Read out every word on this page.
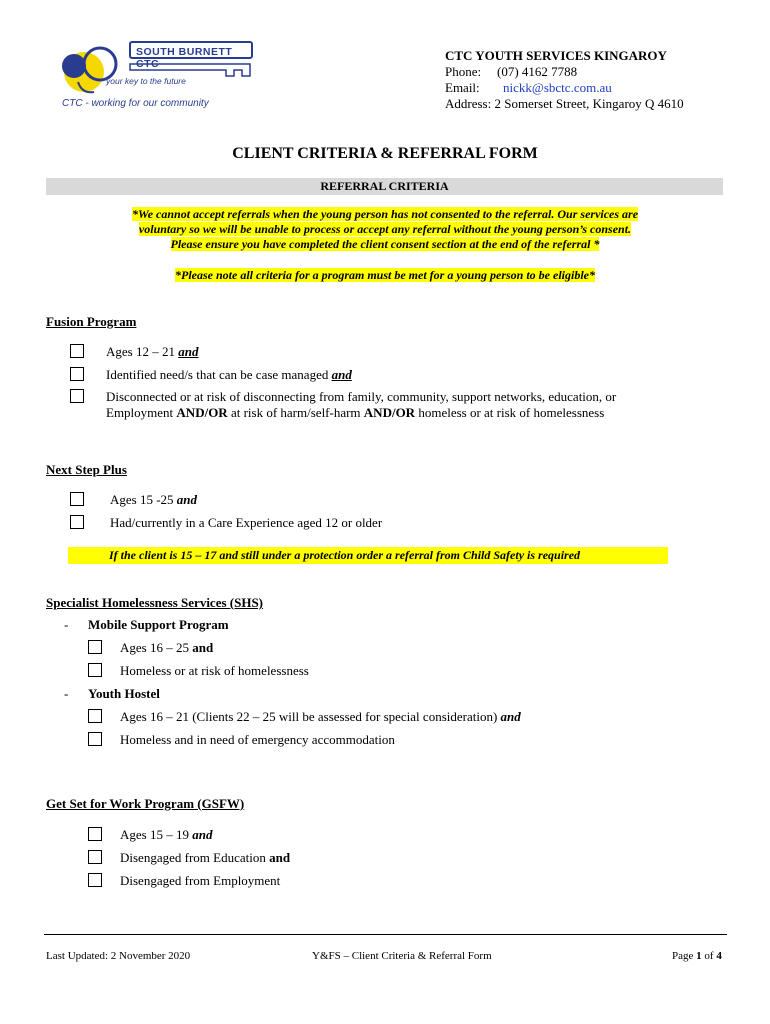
SOUTH BURNETT CTC
your key to the future
CTC - working for our community
CTC YOUTH SERVICES KINGAROY
Phone: (07) 4162 7788
Email: nickk@sbctc.com.au
Address: 2 Somerset Street, Kingaroy Q 4610
CLIENT CRITERIA & REFERRAL FORM
REFERRAL CRITERIA
*We cannot accept referrals when the young person has not consented to the referral. Our services are
voluntary so we will be unable to process or accept any referral without the young person’s consent.
Please ensure you have completed the client consent section at the end of the referral *
*Please note all criteria for a program must be met for a young person to be eligible*
Fusion Program
Ages 12 – 21 and
Identified need/s that can be case managed and
Disconnected or at risk of disconnecting from family, community, support networks, education, or
Employment AND/OR at risk of harm/self-harm AND/OR homeless or at risk of homelessness
Next Step Plus
Ages 15 -25 and
Had/currently in a Care Experience aged 12 or older
If the client is 15 – 17 and still under a protection order a referral from Child Safety is required
Specialist Homelessness Services (SHS)
- Mobile Support Program
Ages 16 – 25 and
Homeless or at risk of homelessness
- Youth Hostel
Ages 16 – 21 (Clients 22 – 25 will be assessed for special consideration) and
Homeless and in need of emergency accommodation
Get Set for Work Program (GSFW)
Ages 15 – 19 and
Disengaged from Education and
Disengaged from Employment
Last Updated: 2 November 2020	Y&FS – Client Criteria & Referral Form	Page 1 of 4
